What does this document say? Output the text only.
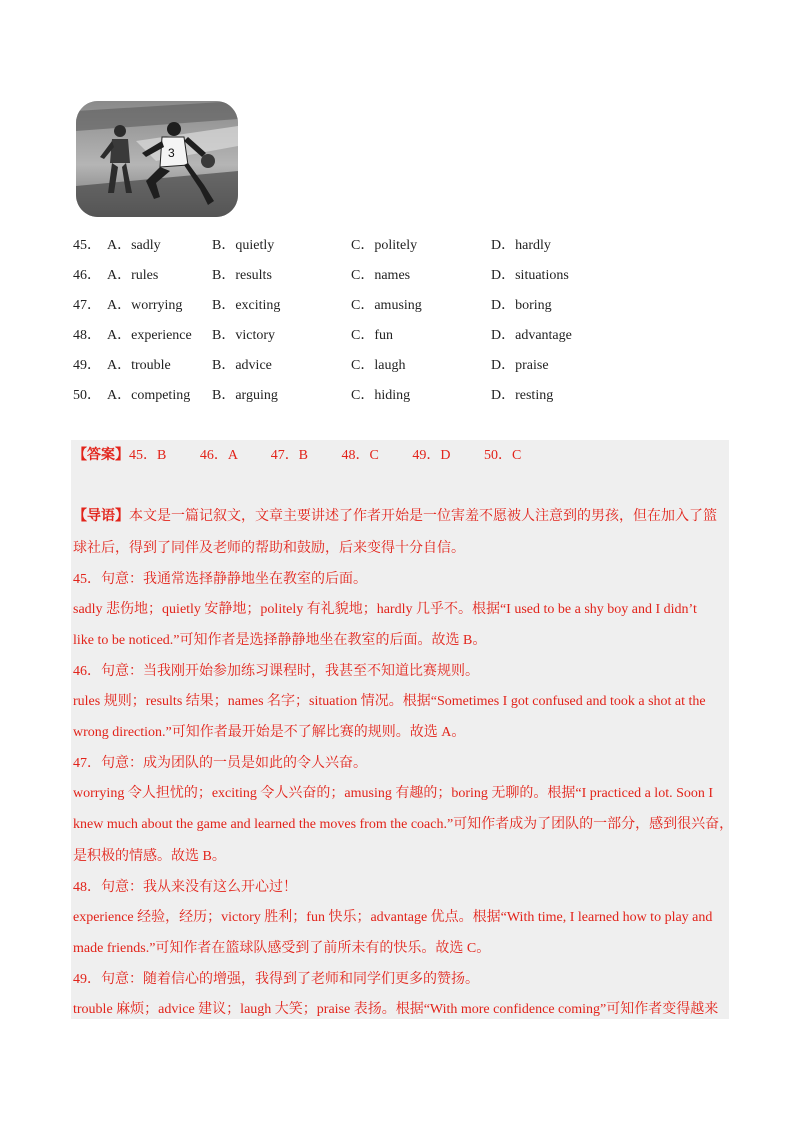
3
45． A．sadly	B．quietly	C．politely	D．hardly
46． A．rules	B．results	C．names	D．situations
47． A．worrying B．exciting	C．amusing	D．boring
48． A．experience B．victory	C．fun	D．advantage
49． A．trouble	B．advice	C．laugh	D．praise
50． A．competing B．arguing	C．hiding	D．resting
【答案】45．B 46．A 47．B 48．C 49．D 50．C
【导语】本文是一篇记叙文，文章主要讲述了作者开始是一位害羞不愿被人注意到的男孩，但在加入了篮
球社后，得到了同伴及老师的帮助和鼓励，后来变得十分自信。
45．句意：我通常选择静静地坐在教室的后面。
sadly 悲伤地；quietly 安静地；politely 有礼貌地；hardly 几乎不。根据“I used to be a shy boy and I didn’t
like to be noticed.”可知作者是选择静静地坐在教室的后面。故选 B。
46．句意：当我刚开始参加练习课程时，我甚至不知道比赛规则。
rules 规则；results 结果；names 名字；situation 情况。根据“Sometimes I got confused and took a shot at the
wrong direction.”可知作者最开始是不了解比赛的规则。故选 A。
47．句意：成为团队的一员是如此的令人兴奋。
worrying 令人担忧的；exciting 令人兴奋的；amusing 有趣的；boring 无聊的。根据“I practiced a lot. Soon I
knew much about the game and learned the moves from the coach.”可知作者成为了团队的一部分，感到很兴奋，
是积极的情感。故选 B。
48．句意：我从来没有这么开心过！
experience 经验，经历；victory 胜利；fun 快乐；advantage 优点。根据“With time, I learned how to play and
made friends.”可知作者在篮球队感受到了前所未有的快乐。故选 C。
49．句意：随着信心的增强，我得到了老师和同学们更多的赞扬。
trouble 麻烦；advice 建议；laugh 大笑；praise 表扬。根据“With more confidence coming”可知作者变得越来
